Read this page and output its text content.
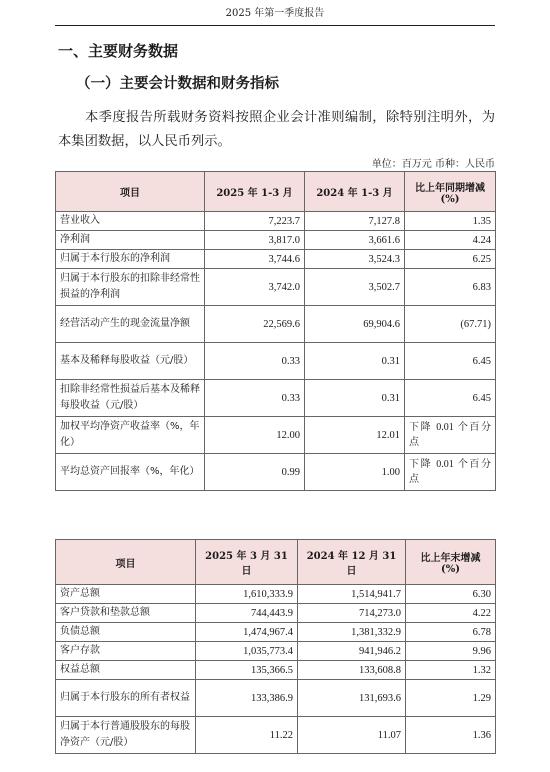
2025 年第一季度报告
一、主要财务数据
（一）主要会计数据和财务指标
本季度报告所载财务资料按照企业会计准则编制，除特别注明外，为本集团数据，以人民币列示。
单位：百万元 币种：人民币
项目	2025 年 1-3 月	2024 年 1-3 月	比上年同期增减 (%)
营业收入	7,223.7	7,127.8	1.35
净利润	3,817.0	3,661.6	4.24
归属于本行股东的净利润	3,744.6	3,524.3	6.25
归属于本行股东的扣除非经常性损益的净利润	3,742.0	3,502.7	6.83
经营活动产生的现金流量净额	22,569.6	69,904.6	(67.71)
基本及稀释每股收益（元/股）	0.33	0.31	6.45
扣除非经常性损益后基本及稀释每股收益（元/股）	0.33	0.31	6.45
加权平均净资产收益率（%，年化）	12.00	12.01	下降 0.01 个百分点
平均总资产回报率（%，年化）	0.99	1.00	下降 0.01 个百分点
项目	2025 年 3 月 31 日	2024 年 12 月 31 日	比上年末增减 (%)
资产总额	1,610,333.9	1,514,941.7	6.30
客户贷款和垫款总额	744,443.9	714,273.0	4.22
负债总额	1,474,967.4	1,381,332.9	6.78
客户存款	1,035,773.4	941,946.2	9.96
权益总额	135,366.5	133,608.8	1.32
归属于本行股东的所有者权益	133,386.9	131,693.6	1.29
归属于本行普通股股东的每股净资产（元/股）	11.22	11.07	1.36
